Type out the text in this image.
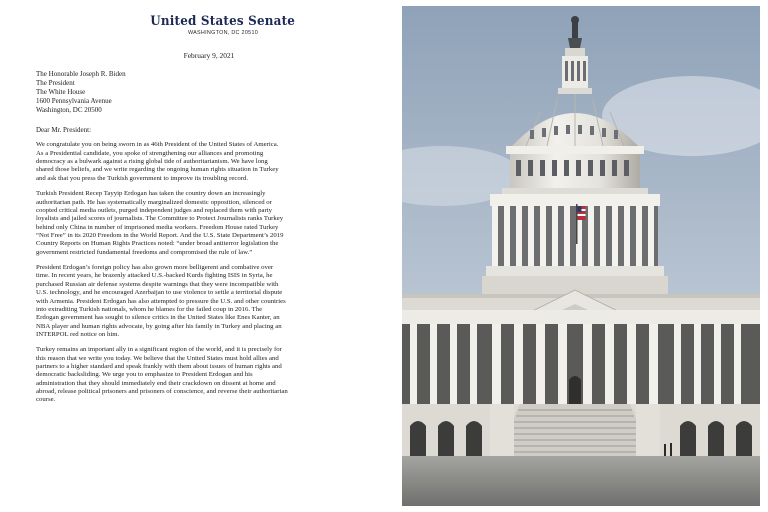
United States Senate
WASHINGTON, DC 20510
February 9, 2021
The Honorable Joseph R. Biden
The President
The White House
1600 Pennsylvania Avenue
Washington, DC 20500
Dear Mr. President:
We congratulate you on being sworn in as 46th President of the United States of America.
As a Presidential candidate, you spoke of strengthening our alliances and promoting
democracy as a bulwark against a rising global tide of authoritarianism. We have long
shared those beliefs, and we write regarding the ongoing human rights situation in Turkey
and ask that you press the Turkish government to improve its troubling record.
Turkish President Recep Tayyip Erdogan has taken the country down an increasingly
authoritarian path. He has systematically marginalized domestic opposition, silenced or
coopted critical media outlets, purged independent judges and replaced them with party
loyalists and jailed scores of journalists. The Committee to Protect Journalists ranks Turkey
behind only China in number of imprisoned media workers. Freedom House rated Turkey
“Not Free” in its 2020 Freedom in the World Report. And the U.S. State Department’s 2019
Country Reports on Human Rights Practices noted: “under broad antiterror legislation the
government restricted fundamental freedoms and compromised the rule of law.”
President Erdogan’s foreign policy has also grown more belligerent and combative over
time. In recent years, he brazenly attacked U.S.-backed Kurds fighting ISIS in Syria, he
purchased Russian air defense systems despite warnings that they were incompatible with
U.S. technology, and he encouraged Azerbaijan to use violence to settle a territorial dispute
with Armenia. President Erdogan has also attempted to pressure the U.S. and other countries
into extraditing Turkish nationals, whom he blames for the failed coup in 2016. The
Erdogan government has sought to silence critics in the United States like Enes Kanter, an
NBA player and human rights advocate, by going after his family in Turkey and placing an
INTERPOL red notice on him.
Turkey remains an important ally in a significant region of the world, and it is precisely for
this reason that we write you today. We believe that the United States must hold allies and
partners to a higher standard and speak frankly with them about issues of human rights and
democratic backsliding. We urge you to emphasize to President Erdogan and his
administration that they should immediately end their crackdown on dissent at home and
abroad, release political prisoners and prisoners of conscience, and reverse their authoritarian
course.
